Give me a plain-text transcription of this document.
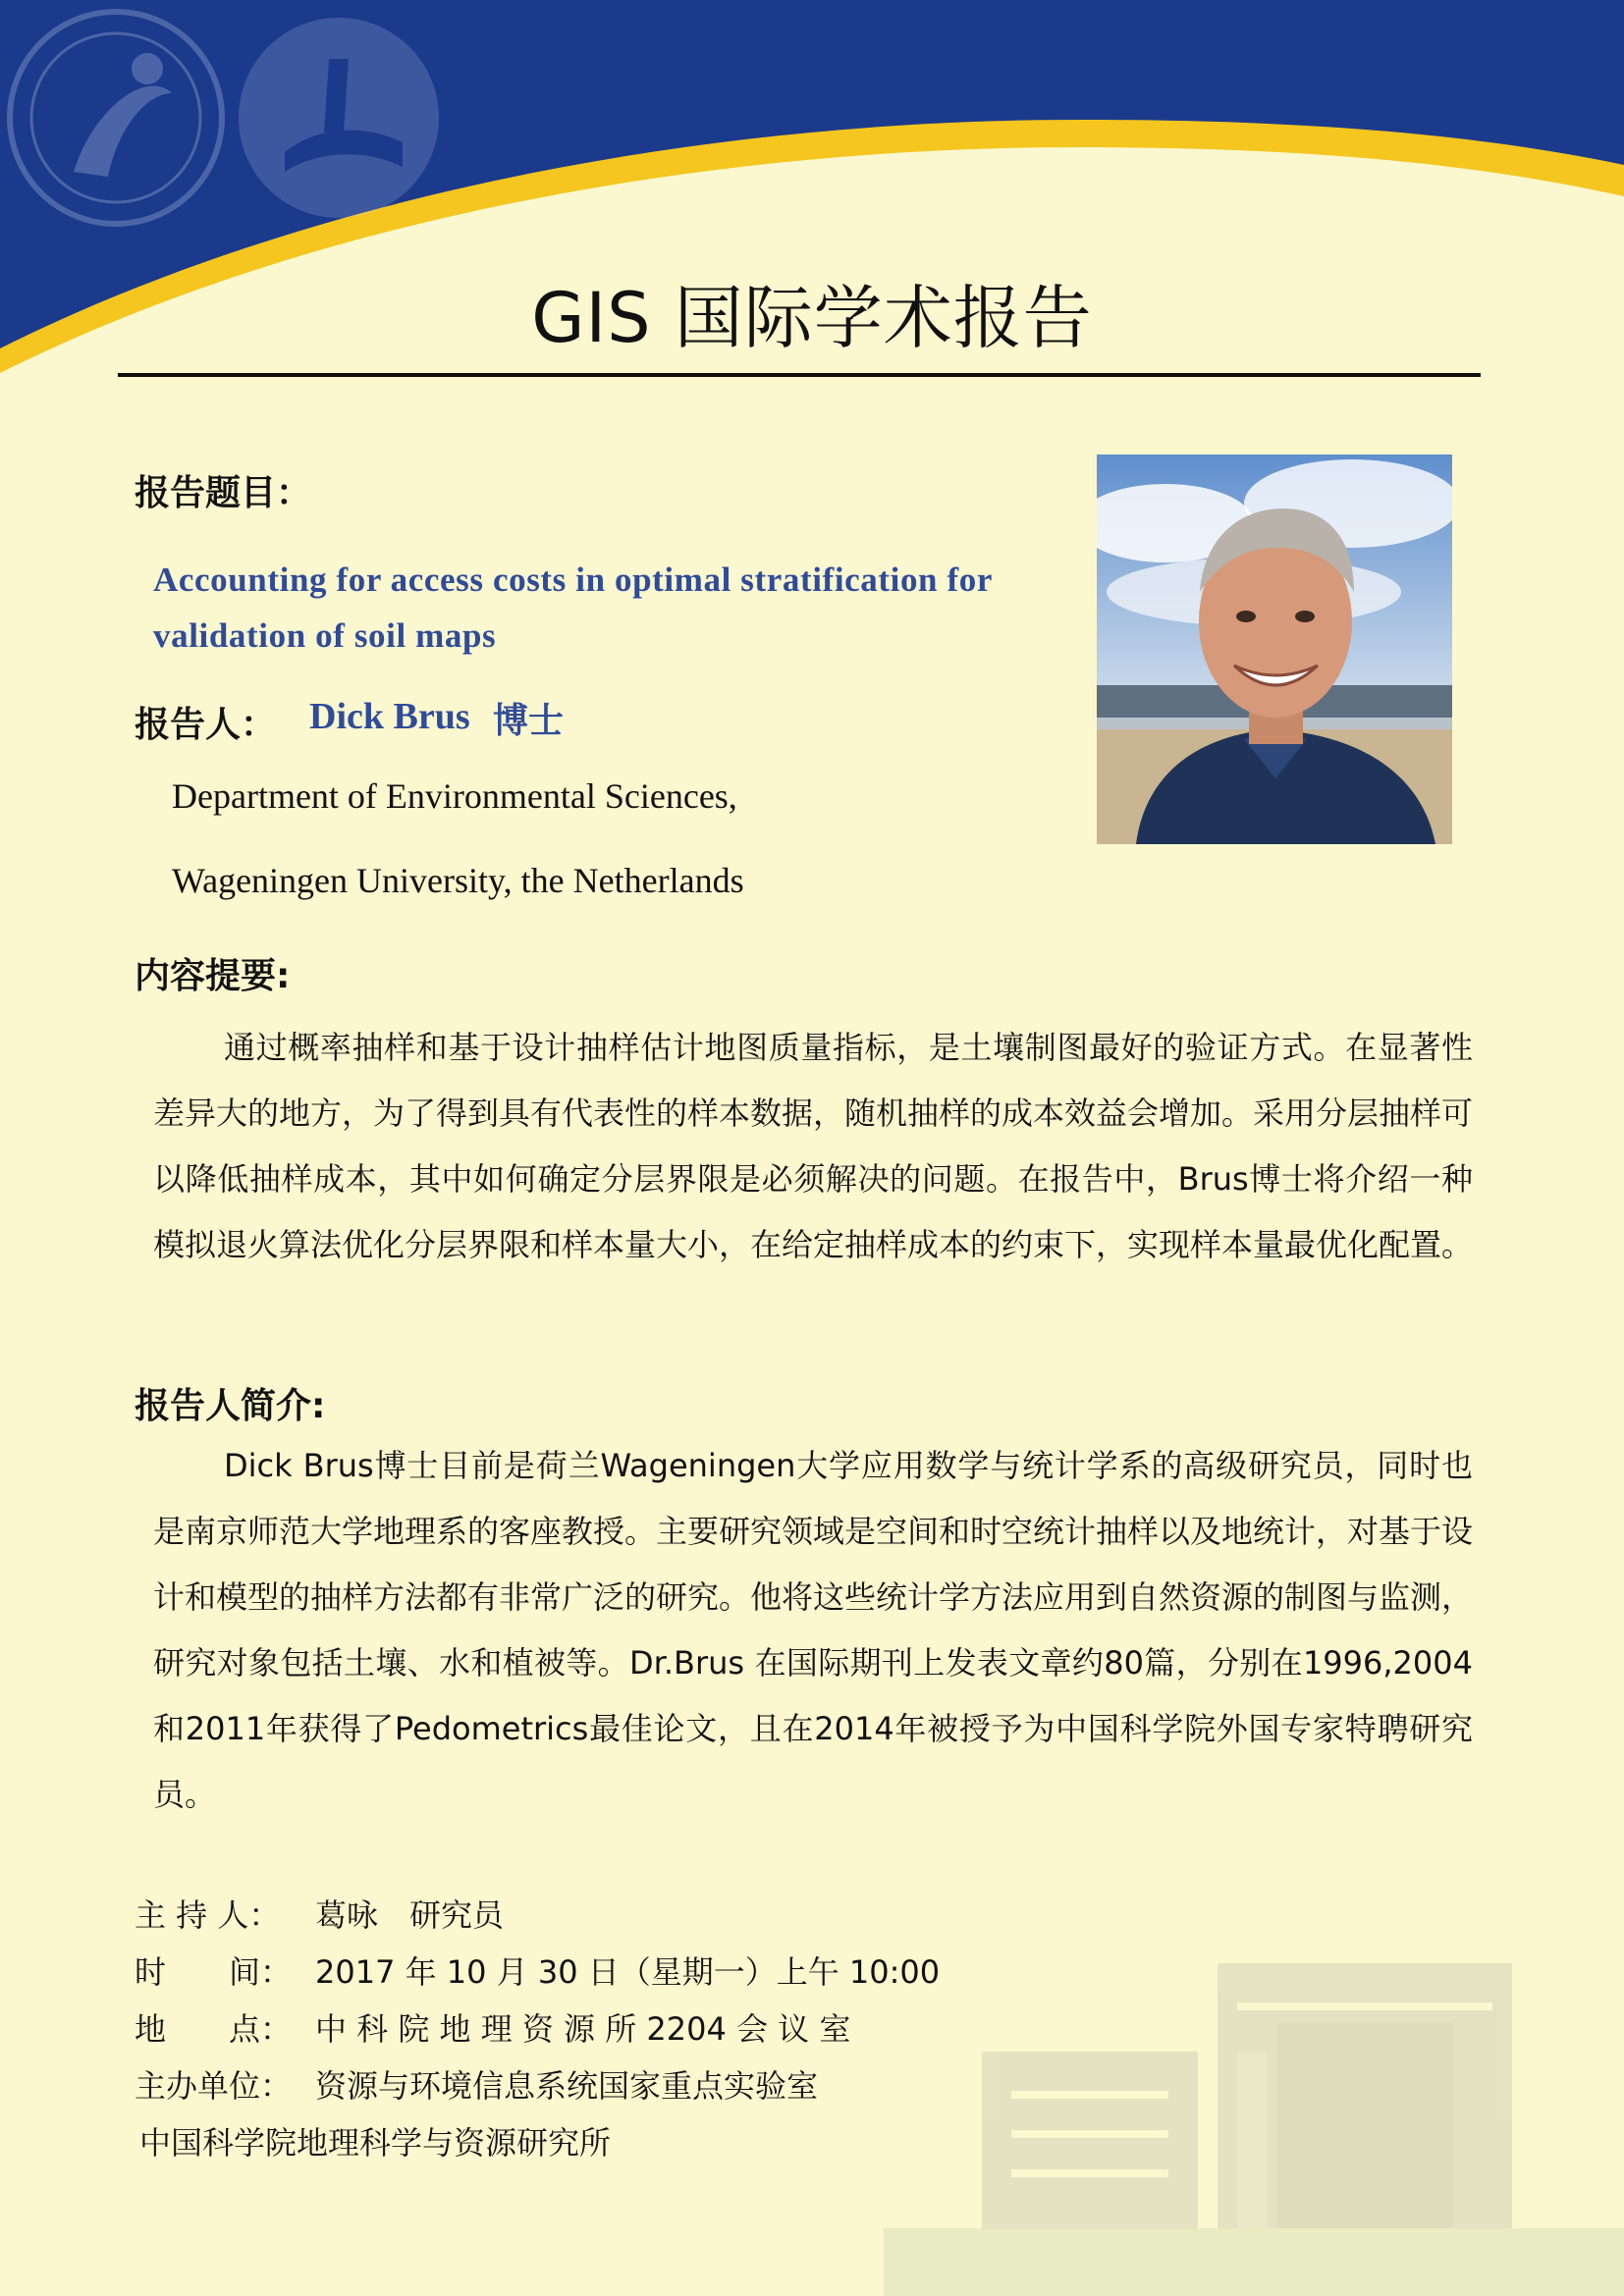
GIS 国际学术报告
报告题目：
Accounting for access costs in optimal stratification for validation of soil maps
报告人： Dick Brus 博士
Department of Environmental Sciences,
Wageningen University, the Netherlands
内容提要:
通过概率抽样和基于设计抽样估计地图质量指标，是土壤制图最好的验证方式。在显著性差异大的地方，为了得到具有代表性的样本数据，随机抽样的成本效益会增加。采用分层抽样可以降低抽样成本，其中如何确定分层界限是必须解决的问题。在报告中，Brus博士将介绍一种模拟退火算法优化分层界限和样本量大小，在给定抽样成本的约束下，实现样本量最优化配置。
报告人简介:
Dick Brus博士目前是荷兰Wageningen大学应用数学与统计学系的高级研究员，同时也是南京师范大学地理系的客座教授。主要研究领域是空间和时空统计抽样以及地统计，对基于设计和模型的抽样方法都有非常广泛的研究。他将这些统计学方法应用到自然资源的制图与监测，研究对象包括土壤、水和植被等。Dr.Brus 在国际期刊上发表文章约80篇，分别在1996,2004和2011年获得了Pedometrics最佳论文，且在2014年被授予为中国科学院外国专家特聘研究员。
主 持 人： 葛咏　研究员
时　　间： 2017 年 10 月 30 日（星期一）上午 10:00
地　　点： 中 科 院 地 理 资 源 所 2204 会 议 室
主办单位： 资源与环境信息系统国家重点实验室
中国科学院地理科学与资源研究所
